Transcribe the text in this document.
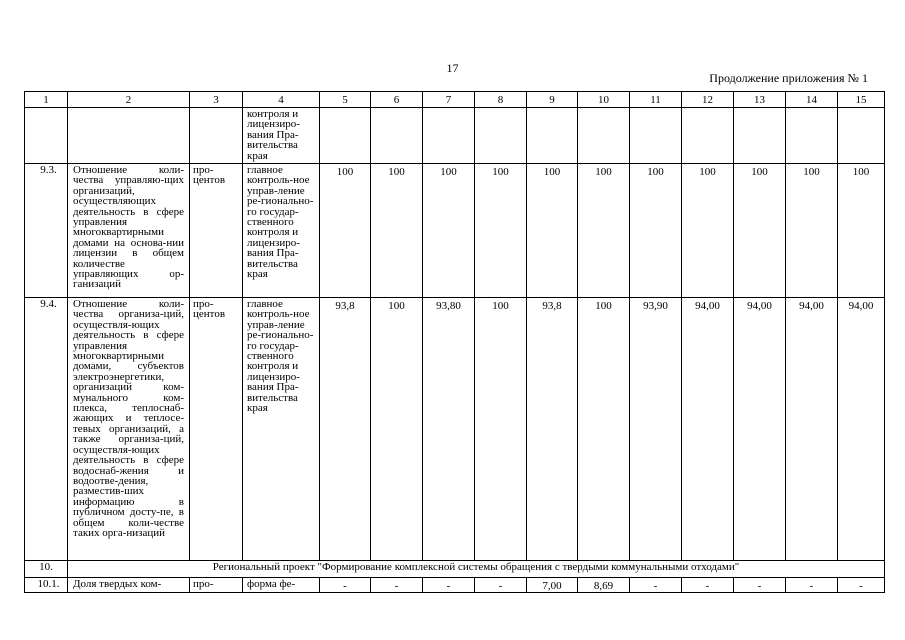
17
Продолжение приложения № 1
1	2	3	4	5	6	7	8	9	10	11	12	13	14	15
			контроля и лицензиро-вания Пра-вительства края											
9.3.	Отношение коли-чества управляю-щих организаций, осуществляющих деятельность в сфере управления многоквартирными домами на основа-нии лицензии в общем количестве управляющих ор-ганизаций	про-центов	главное контроль-ное управ-ление ре-гионально-го государ-ственного контроля и лицензиро-вания Пра-вительства края	100	100	100	100	100	100	100	100	100	100	100
9.4.	Отношение коли-чества организа-ций, осуществля-ющих деятельность в сфере управления многоквартирными домами, субъектов электроэнергетики, организаций ком-мунального ком-плекса, теплоснаб-жающих и теплосе-тевых организаций, а также организа-ций, осуществля-ющих деятельность в сфере водоснаб-жения и водоотве-дения, разместив-ших информацию в публичном досту-пе, в общем коли-честве таких орга-низаций	про-центов	главное контроль-ное управ-ление ре-гионально-го государ-ственного контроля и лицензиро-вания Пра-вительства края	93,8	100	93,80	100	93,8	100	93,90	94,00	94,00	94,00	94,00
10.	Региональный проект "Формирование комплексной системы обращения с твердыми коммунальными отходами"													
10.1.	Доля твердых ком-	про-	форма фе-	-	-	-	-	7,00	8,69	-	-	-	-	-
